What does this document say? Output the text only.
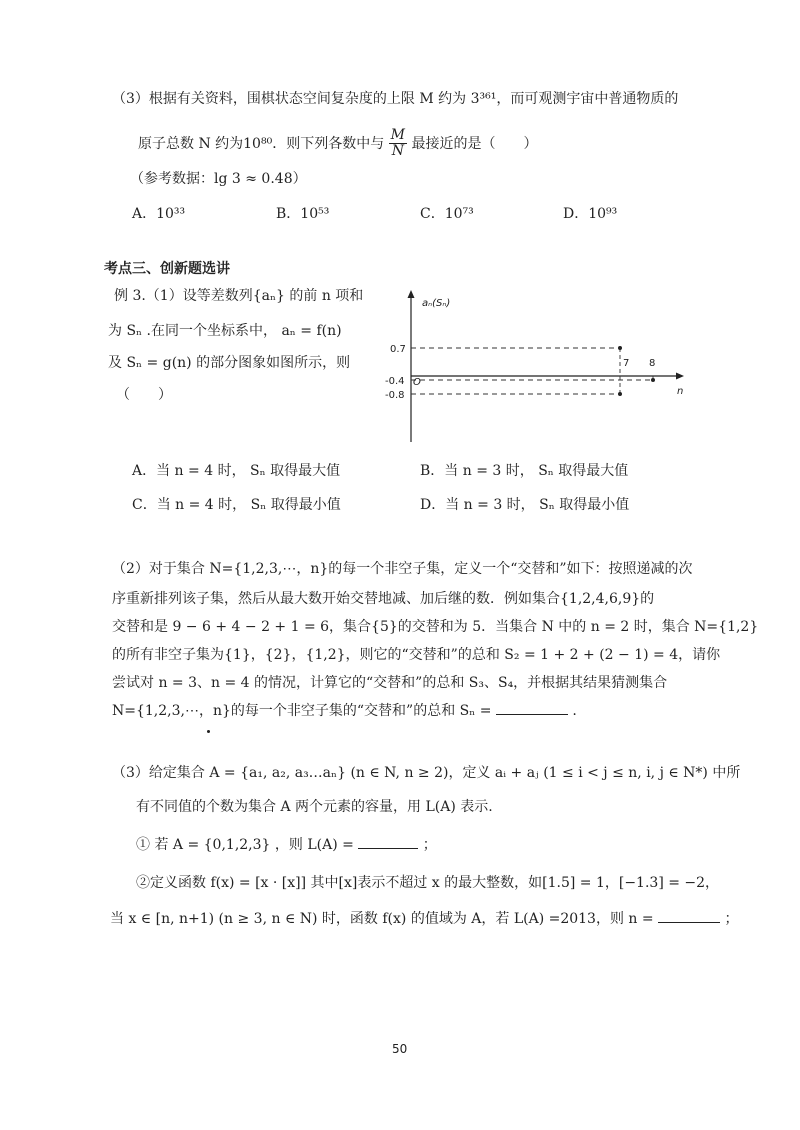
（3）根据有关资料，围棋状态空间复杂度的上限 M 约为 3³⁶¹，而可观测宇宙中普通物质的
原子总数 N 约为10⁸⁰．则下列各数中与 $\frac{M}{N}$ 最接近的是（　　）
（参考数据：lg 3 ≈ 0.48）
A．10³³	B．10⁵³	C．10⁷³	D．10⁹³
考点三、创新题选讲
例 3.（1）设等差数列{aₙ} 的前 n 项和
为 Sₙ .在同一个坐标系中， aₙ = f(n)
及 Sₙ = g(n) 的部分图象如图所示，则
（　　）
aₙ(Sₙ)
n
O
0.7
-0.4
-0.8
7 8
A．当 n = 4 时， Sₙ 取得最大值	B．当 n = 3 时， Sₙ 取得最大值
C．当 n = 4 时， Sₙ 取得最小值	D．当 n = 3 时， Sₙ 取得最小值
（2）对于集合 N={1,2,3,⋯，n}的每一个非空子集，定义一个“交替和”如下：按照递减的次
序重新排列该子集，然后从最大数开始交替地减、加后继的数．例如集合{1,2,4,6,9}的
交替和是 9 − 6 + 4 − 2 + 1 = 6，集合{5}的交替和为 5．当集合 N 中的 n = 2 时，集合 N={1,2}
的所有非空子集为{1}，{2}，{1,2}，则它的“交替和”的总和 S₂ = 1 + 2 + (2 − 1) = 4，请你
尝试对 n = 3、n = 4 的情况，计算它的“交替和”的总和 S₃、S₄，并根据其结果猜测集合
N={1,2,3,⋯，n}的每一个非空子集的“交替和”的总和 Sₙ =	.
（3）给定集合 A = {a₁, a₂, a₃…aₙ} (n ∈ N, n ≥ 2)，定义 aᵢ + aⱼ (1 ≤ i < j ≤ n, i, j ∈ N*) 中所
有不同值的个数为集合 A 两个元素的容量，用 L(A) 表示.
① 若 A = {0,1,2,3} ，则 L(A) =	；
②定义函数 f(x) = [x · [x]] 其中[x]表示不超过 x 的最大整数，如[1.5] = 1，[−1.3] = −2，
当 x ∈ [n, n+1) (n ≥ 3, n ∈ N) 时，函数 f(x) 的值域为 A，若 L(A) =2013，则 n =	；
50
